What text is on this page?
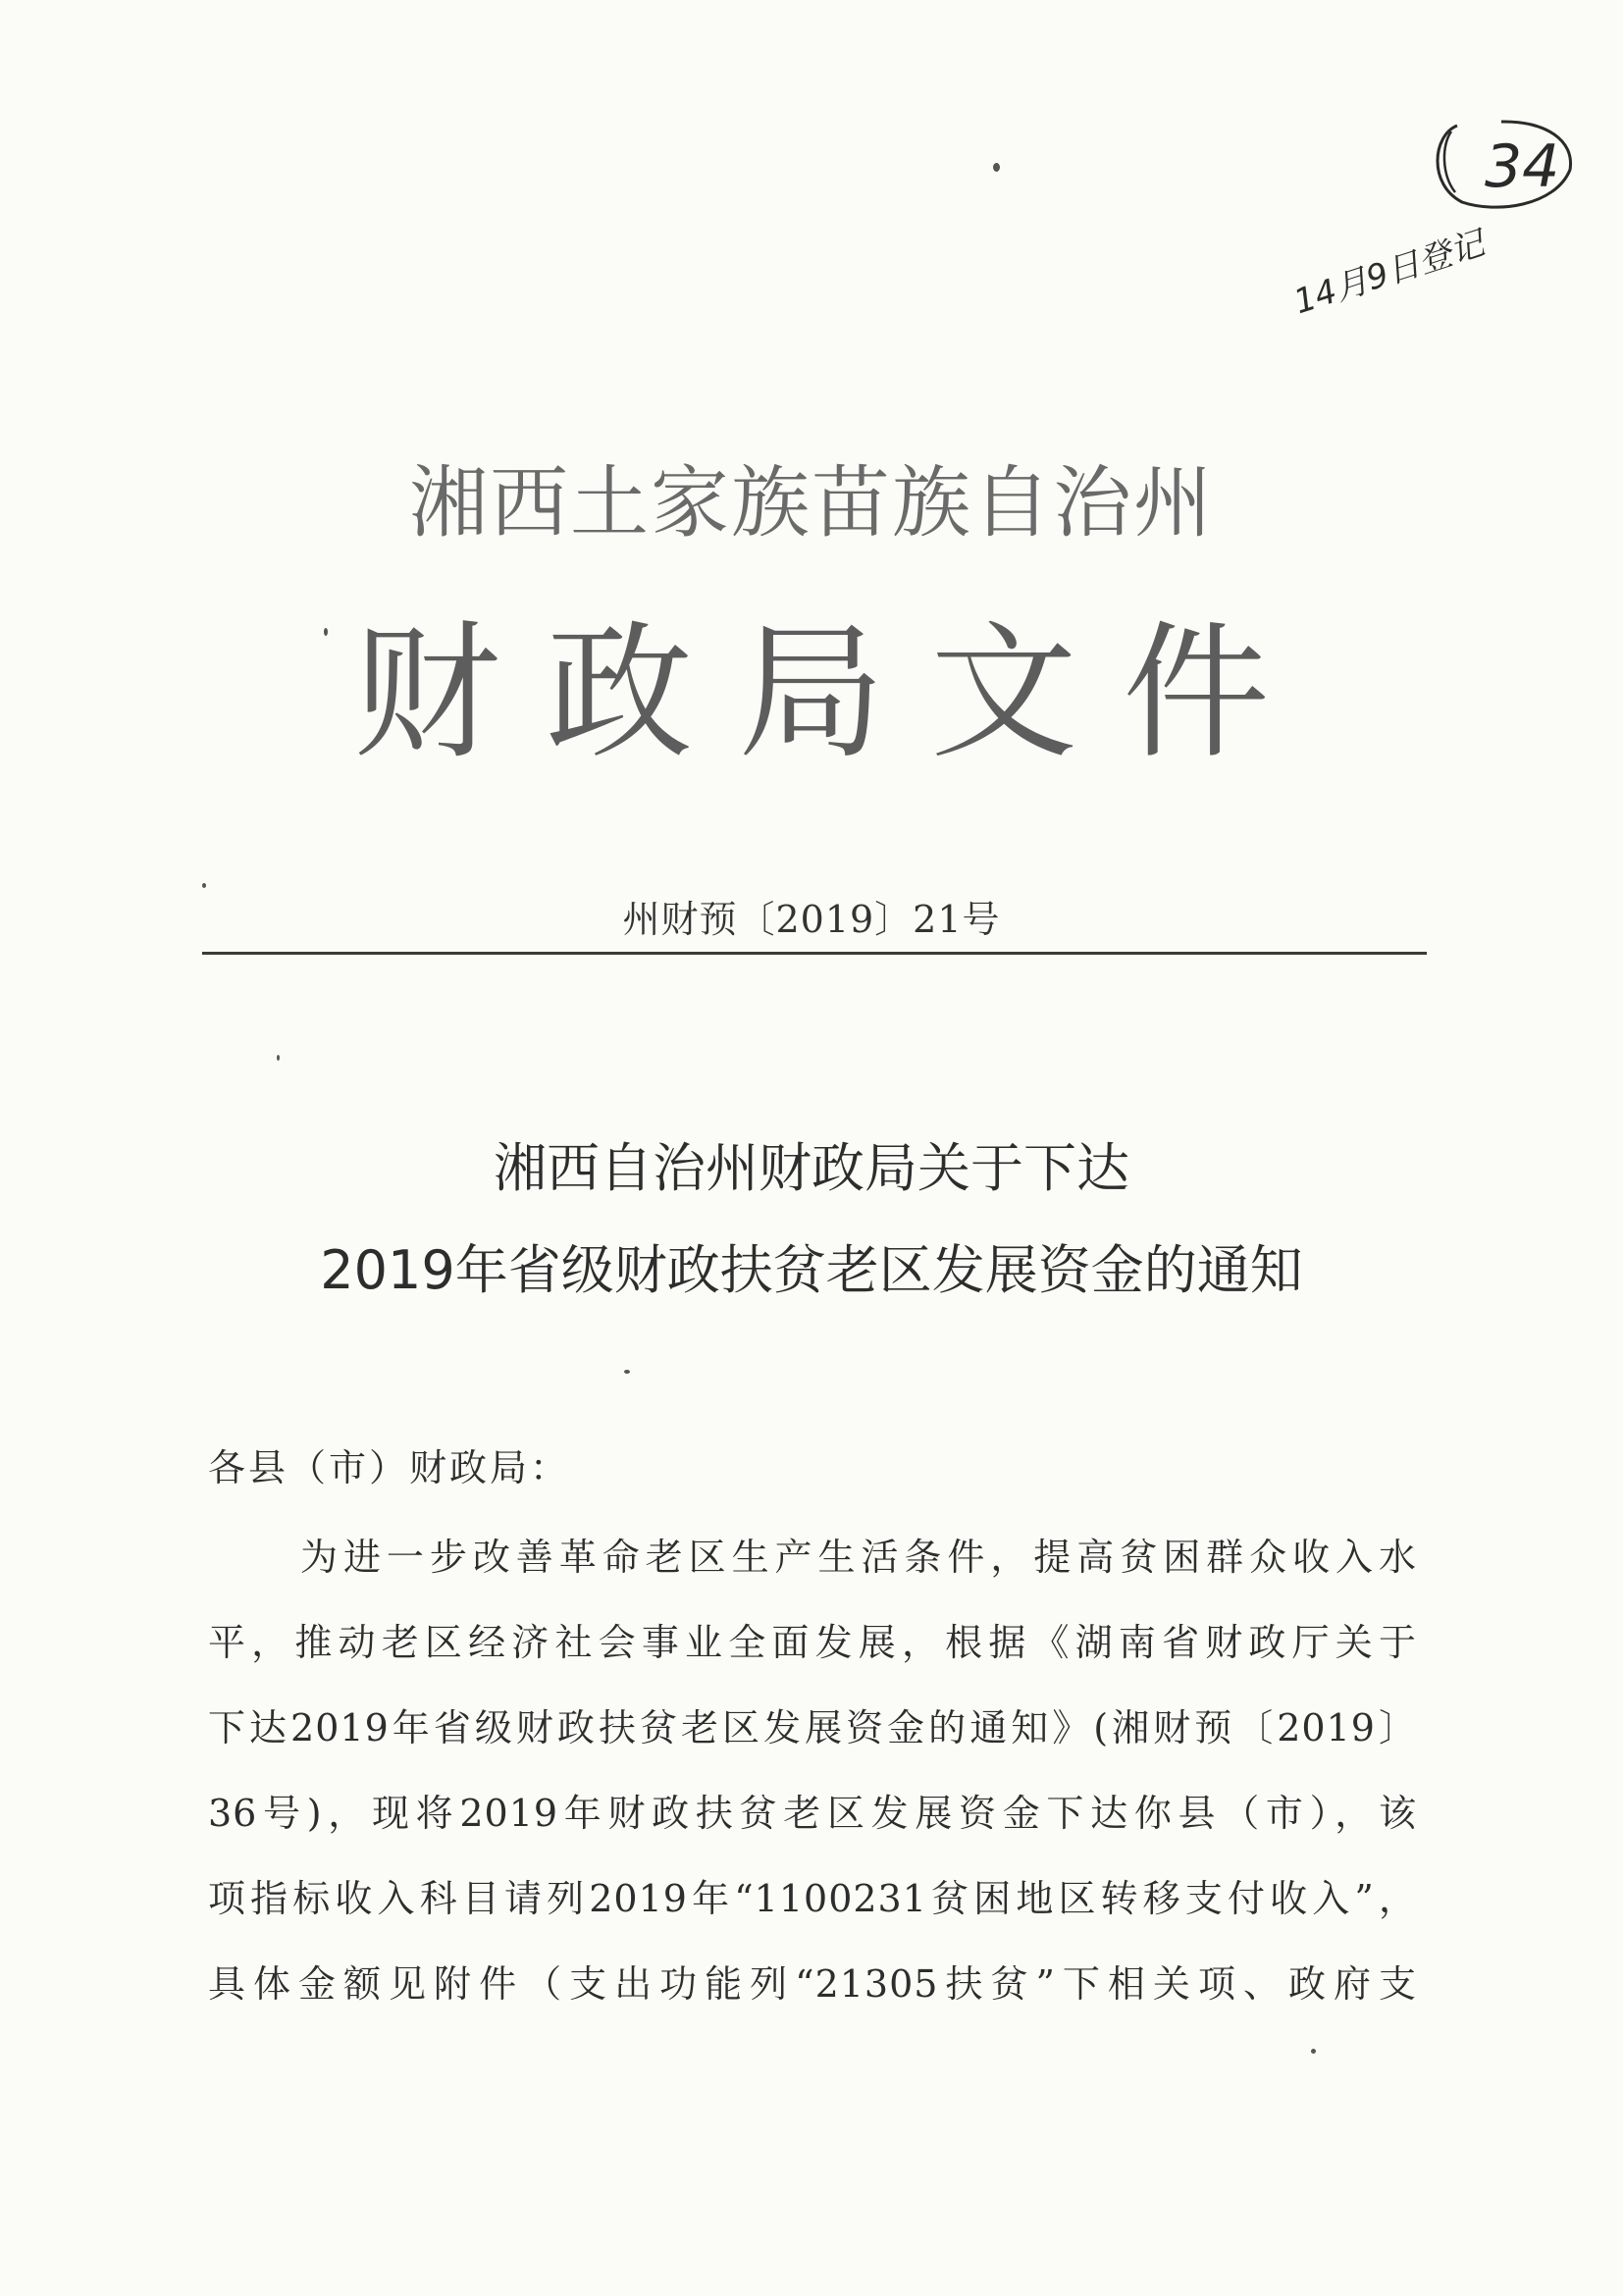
34
14月9日登记
湘西土家族苗族自治州
财政局文件
州财预〔2019〕21号
湘西自治州财政局关于下达
2019年省级财政扶贫老区发展资金的通知
各县（市）财政局：
为进一步改善革命老区生产生活条件，提高贫困群众收入水
平，推动老区经济社会事业全面发展，根据《湖南省财政厅关于
下达2019年省级财政扶贫老区发展资金的通知》(湘财预〔2019〕
36号)，现将2019年财政扶贫老区发展资金下达你县（市），该
项指标收入科目请列2019年“1100231贫困地区转移支付收入”，
具体金额见附件（支出功能列“21305扶贫”下相关项、政府支
